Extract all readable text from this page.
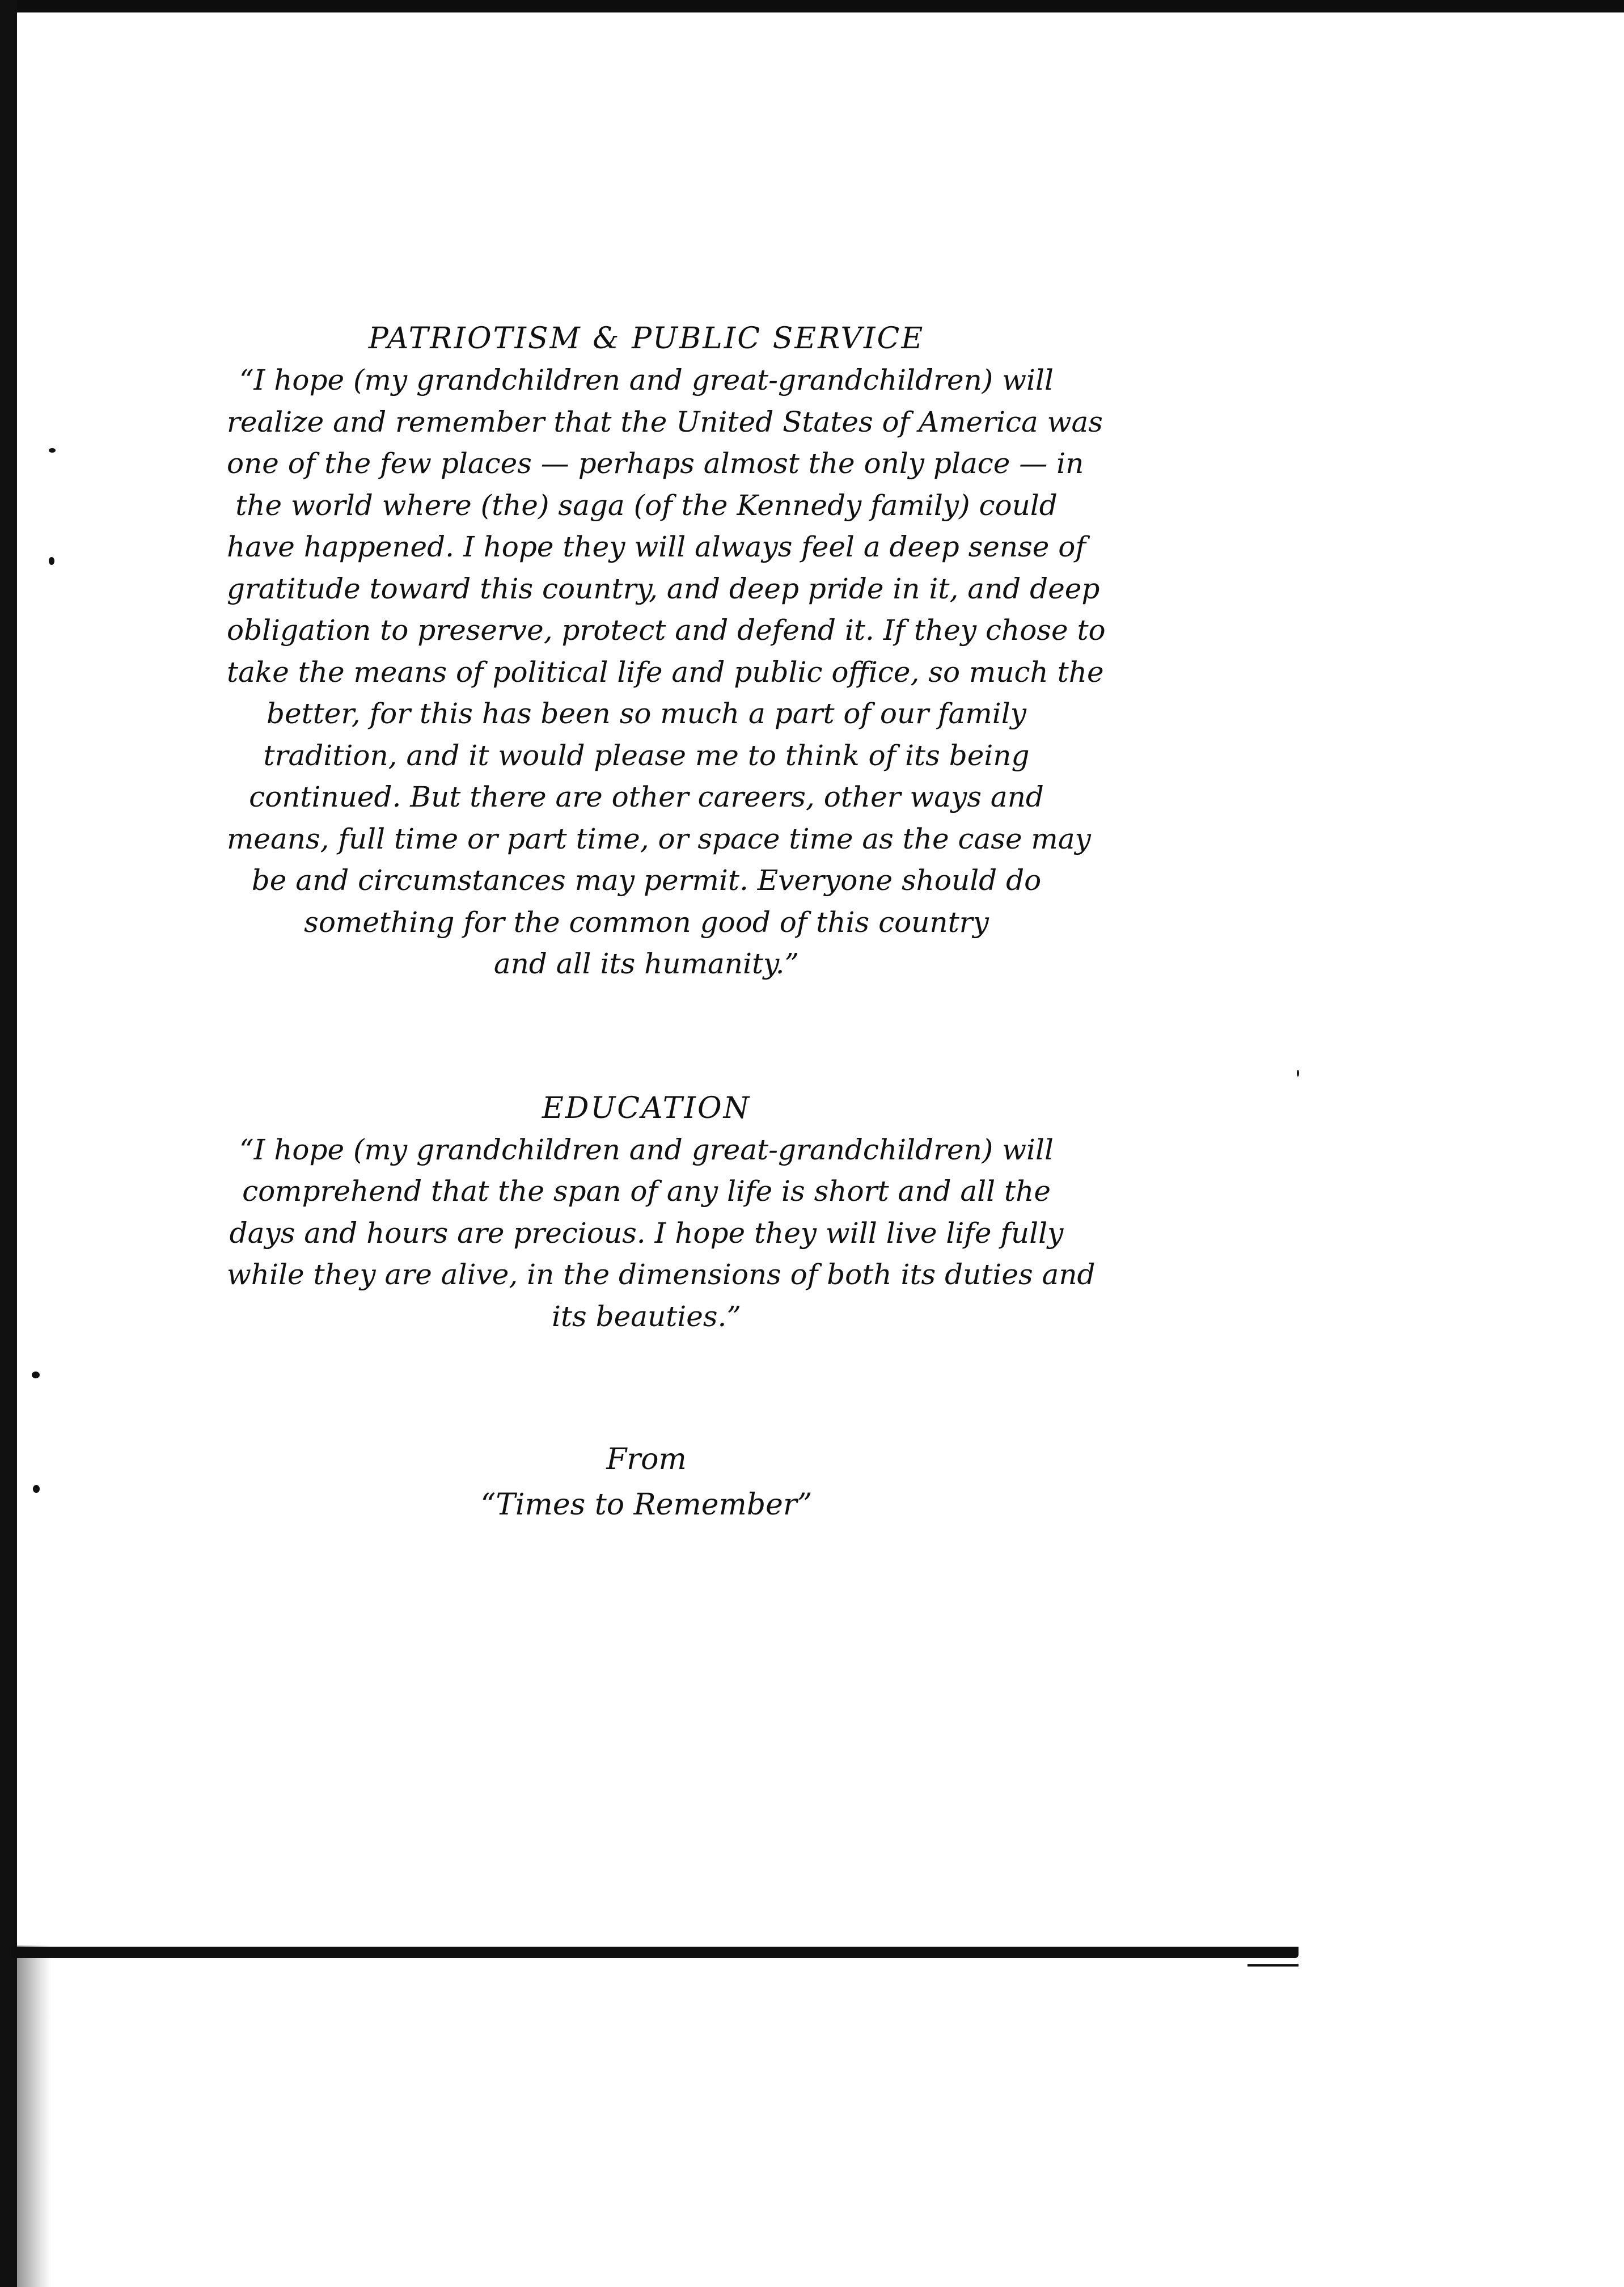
PATRIOTISM & PUBLIC SERVICE
“I hope (my grandchildren and great-grandchildren) will
realize and remember that the United States of America was
one of the few places — perhaps almost the only place — in
the world where (the) saga (of the Kennedy family) could
have happened. I hope they will always feel a deep sense of
gratitude toward this country, and deep pride in it, and deep
obligation to preserve, protect and defend it. If they chose to
take the means of political life and public office, so much the
better, for this has been so much a part of our family
tradition, and it would please me to think of its being
continued. But there are other careers, other ways and
means, full time or part time, or space time as the case may
be and circumstances may permit. Everyone should do
something for the common good of this country
and all its humanity.”
EDUCATION
“I hope (my grandchildren and great-grandchildren) will
comprehend that the span of any life is short and all the
days and hours are precious. I hope they will live life fully
while they are alive, in the dimensions of both its duties and
its beauties.”
From
“Times to Remember”
